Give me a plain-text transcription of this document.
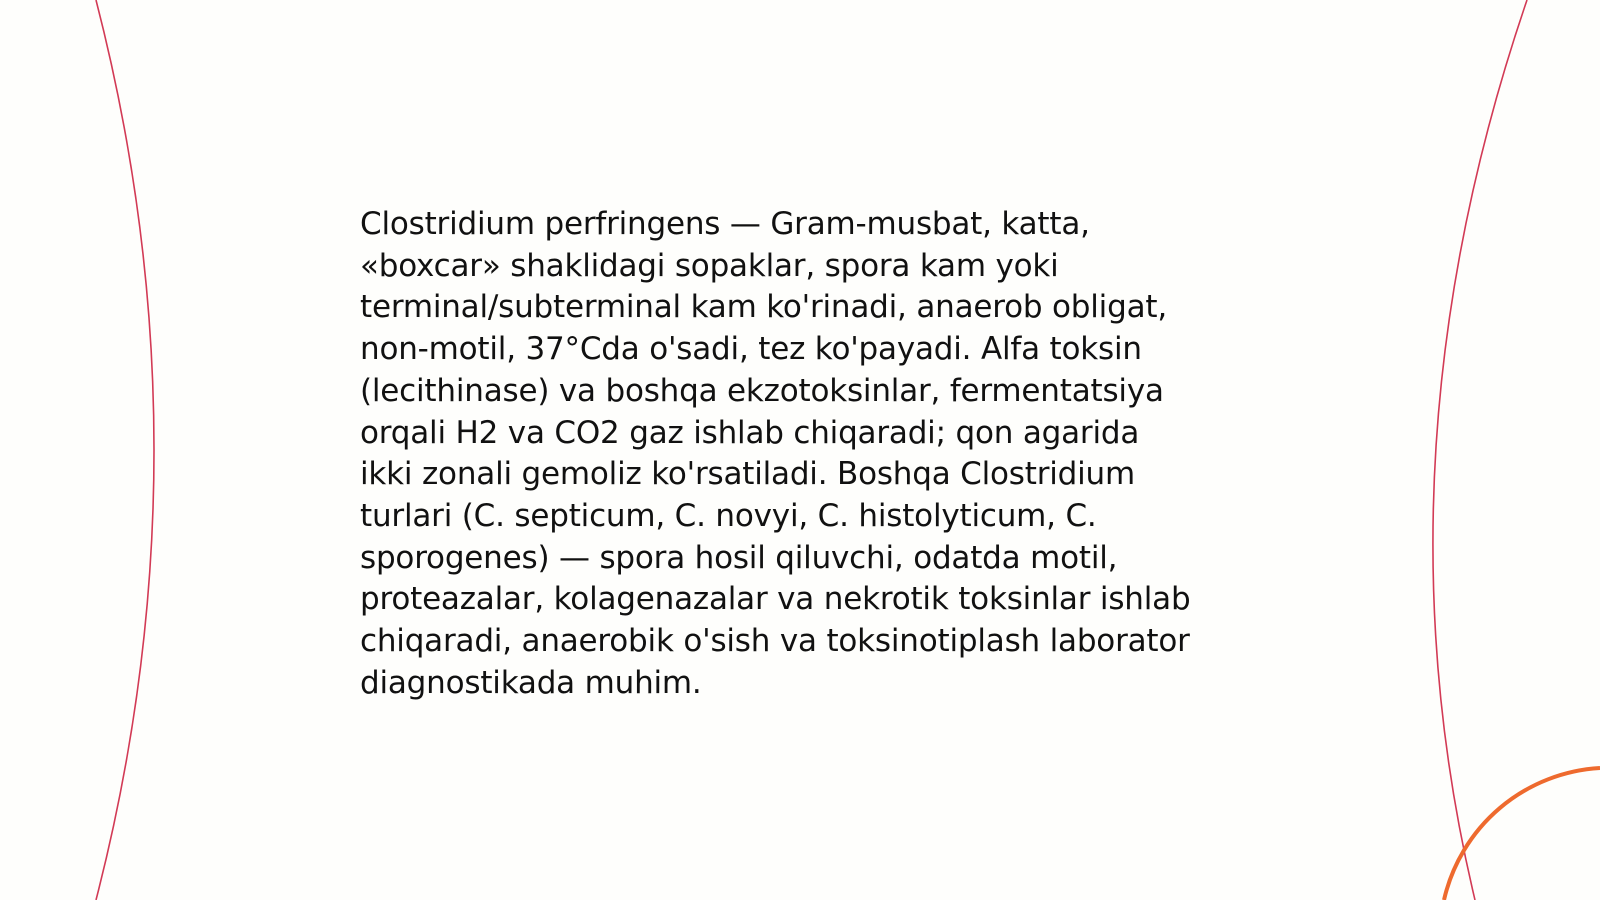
Clostridium perfringens — Gram-musbat, katta,
«boxcar» shaklidagi sopaklar, spora kam yoki
terminal/subterminal kam ko'rinadi, anaerob obligat,
non-motil, 37°Cda o'sadi, tez ko'payadi. Alfa toksin
(lecithinase) va boshqa ekzotoksinlar, fermentatsiya
orqali H2 va CO2 gaz ishlab chiqaradi; qon agarida
ikki zonali gemoliz ko'rsatiladi. Boshqa Clostridium
turlari (C. septicum, C. novyi, C. histolyticum, C.
sporogenes) — spora hosil qiluvchi, odatda motil,
proteazalar, kolagenazalar va nekrotik toksinlar ishlab
chiqaradi, anaerobik o'sish va toksinotiplash laborator
diagnostikada muhim.
